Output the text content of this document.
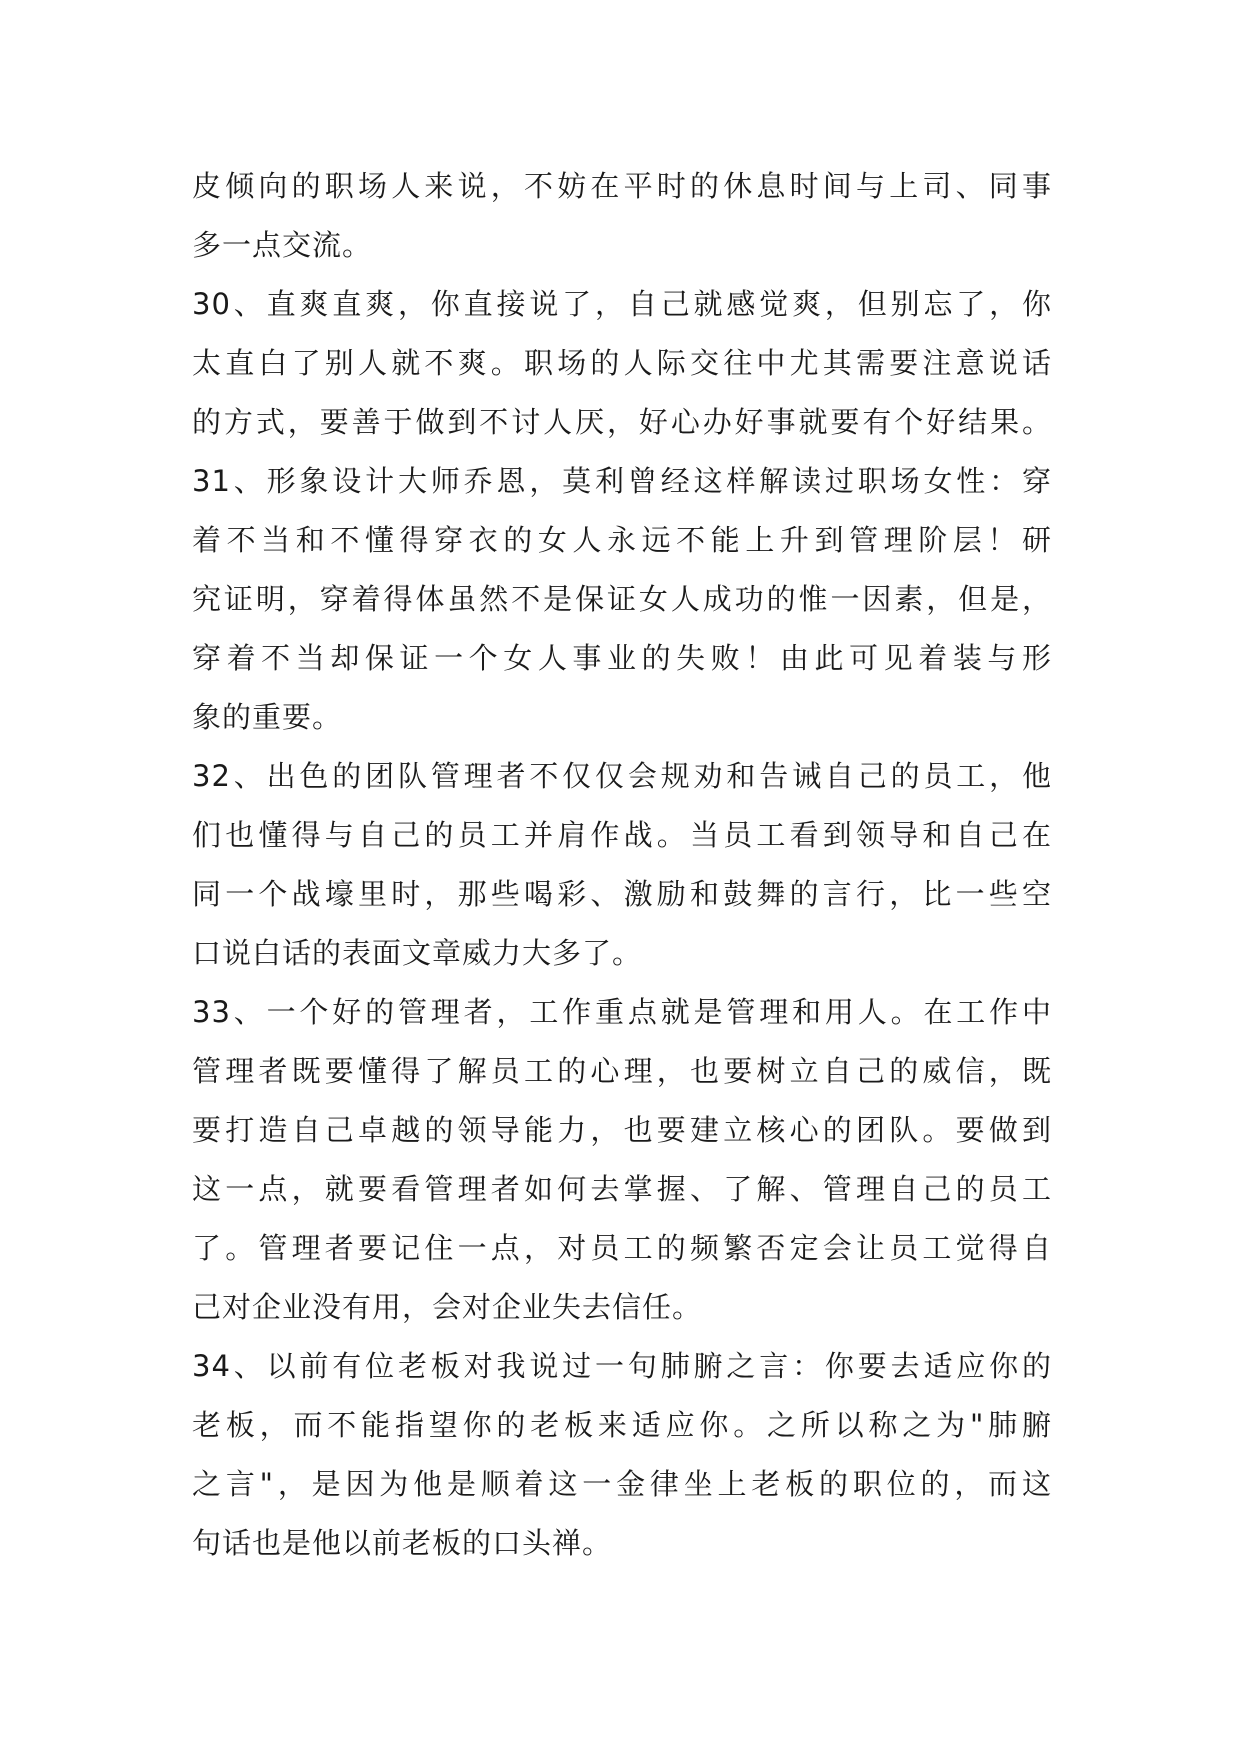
皮倾向的职场人来说，不妨在平时的休息时间与上司、同事
多一点交流。
30、直爽直爽，你直接说了，自己就感觉爽，但别忘了，你
太直白了别人就不爽。职场的人际交往中尤其需要注意说话
的方式，要善于做到不讨人厌，好心办好事就要有个好结果。
31、形象设计大师乔恩，莫利曾经这样解读过职场女性：穿
着不当和不懂得穿衣的女人永远不能上升到管理阶层！研
究证明，穿着得体虽然不是保证女人成功的惟一因素，但是，
穿着不当却保证一个女人事业的失败！由此可见着装与形
象的重要。
32、出色的团队管理者不仅仅会规劝和告诫自己的员工，他
们也懂得与自己的员工并肩作战。当员工看到领导和自己在
同一个战壕里时，那些喝彩、激励和鼓舞的言行，比一些空
口说白话的表面文章威力大多了。
33、一个好的管理者，工作重点就是管理和用人。在工作中
管理者既要懂得了解员工的心理，也要树立自己的威信，既
要打造自己卓越的领导能力，也要建立核心的团队。要做到
这一点，就要看管理者如何去掌握、了解、管理自己的员工
了。管理者要记住一点，对员工的频繁否定会让员工觉得自
己对企业没有用，会对企业失去信任。
34、以前有位老板对我说过一句肺腑之言：你要去适应你的
老板，而不能指望你的老板来适应你。之所以称之为"肺腑
之言"，是因为他是顺着这一金律坐上老板的职位的，而这
句话也是他以前老板的口头禅。
